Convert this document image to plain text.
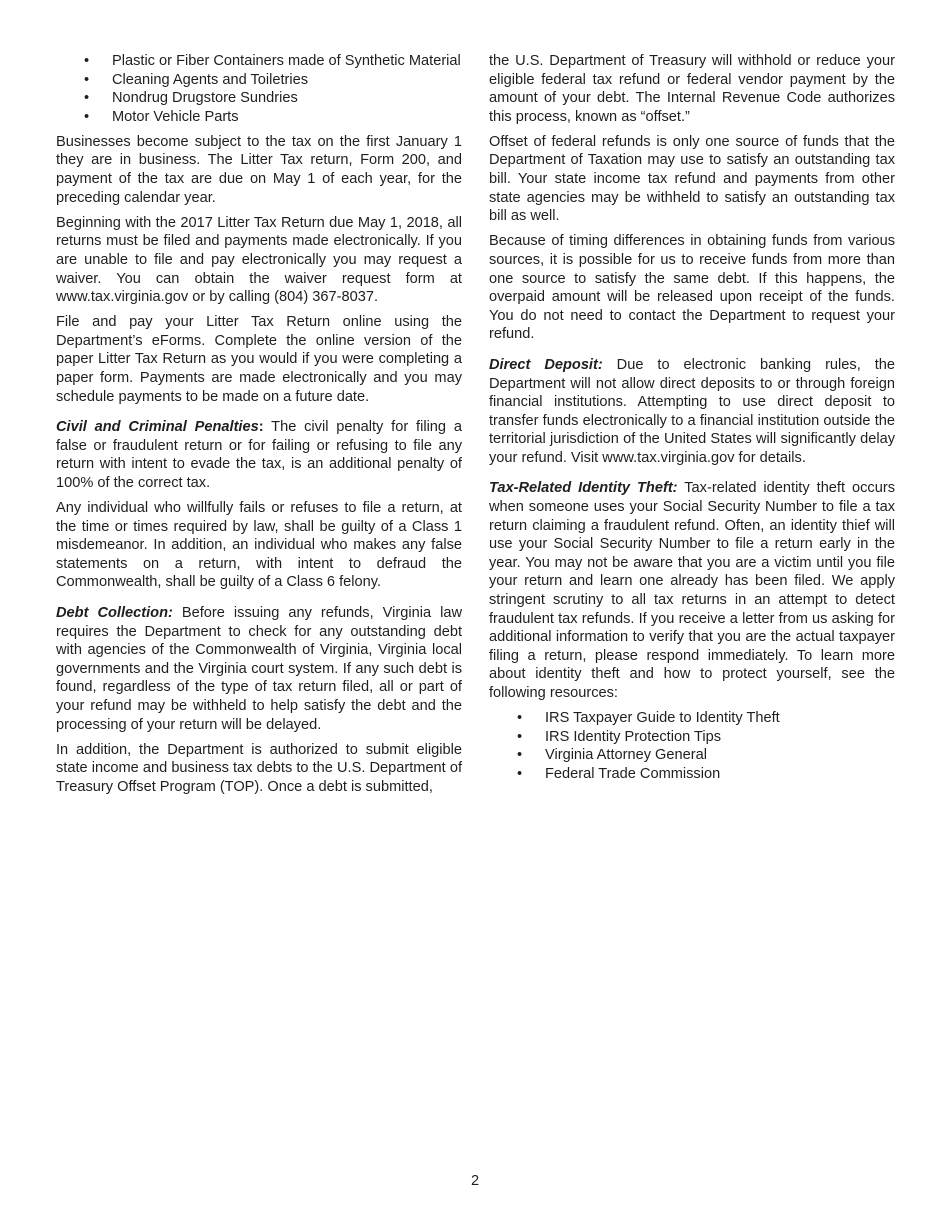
• Plastic or Fiber Containers made of Synthetic Material
• Cleaning Agents and Toiletries
• Nondrug Drugstore Sundries
• Motor Vehicle Parts

Businesses become subject to the tax on the first January 1 they are in business. The Litter Tax return, Form 200, and payment of the tax are due on May 1 of each year, for the preceding calendar year.

Beginning with the 2017 Litter Tax Return due May 1, 2018, all returns must be filed and payments made electronically. If you are unable to file and pay electronically you may request a waiver. You can obtain the waiver request form at www.tax.virginia.gov or by calling (804) 367-8037.

File and pay your Litter Tax Return online using the Department’s eForms. Complete the online version of the paper Litter Tax Return as you would if you were completing a paper form. Payments are made electronically and you may schedule payments to be made on a future date.

Civil and Criminal Penalties: The civil penalty for filing a false or fraudulent return or for failing or refusing to file any return with intent to evade the tax, is an additional penalty of 100% of the correct tax.

Any individual who willfully fails or refuses to file a return, at the time or times required by law, shall be guilty of a Class 1 misdemeanor. In addition, an individual who makes any false statements on a return, with intent to defraud the Commonwealth, shall be guilty of a Class 6 felony.

Debt Collection: Before issuing any refunds, Virginia law requires the Department to check for any outstanding debt with agencies of the Commonwealth of Virginia, Virginia local governments and the Virginia court system. If any such debt is found, regardless of the type of tax return filed, all or part of your refund may be withheld to help satisfy the debt and the processing of your return will be delayed.

In addition, the Department is authorized to submit eligible state income and business tax debts to the U.S. Department of Treasury Offset Program (TOP). Once a debt is submitted,

the U.S. Department of Treasury will withhold or reduce your eligible federal tax refund or federal vendor payment by the amount of your debt. The Internal Revenue Code authorizes this process, known as “offset.”

Offset of federal refunds is only one source of funds that the Department of Taxation may use to satisfy an outstanding tax bill. Your state income tax refund and payments from other state agencies may be withheld to satisfy an outstanding tax bill as well.

Because of timing differences in obtaining funds from various sources, it is possible for us to receive funds from more than one source to satisfy the same debt. If this happens, the overpaid amount will be released upon receipt of the funds. You do not need to contact the Department to request your refund.

Direct Deposit: Due to electronic banking rules, the Department will not allow direct deposits to or through foreign financial institutions. Attempting to use direct deposit to transfer funds electronically to a financial institution outside the territorial jurisdiction of the United States will significantly delay your refund. Visit www.tax.virginia.gov for details.

Tax-Related Identity Theft: Tax-related identity theft occurs when someone uses your Social Security Number to file a tax return claiming a fraudulent refund. Often, an identity thief will use your Social Security Number to file a return early in the year. You may not be aware that you are a victim until you file your return and learn one already has been filed. We apply stringent scrutiny to all tax returns in an attempt to detect fraudulent tax refunds. If you receive a letter from us asking for additional information to verify that you are the actual taxpayer filing a return, please respond immediately. To learn more about identity theft and how to protect yourself, see the following resources:

• IRS Taxpayer Guide to Identity Theft
• IRS Identity Protection Tips
• Virginia Attorney General
• Federal Trade Commission
2
